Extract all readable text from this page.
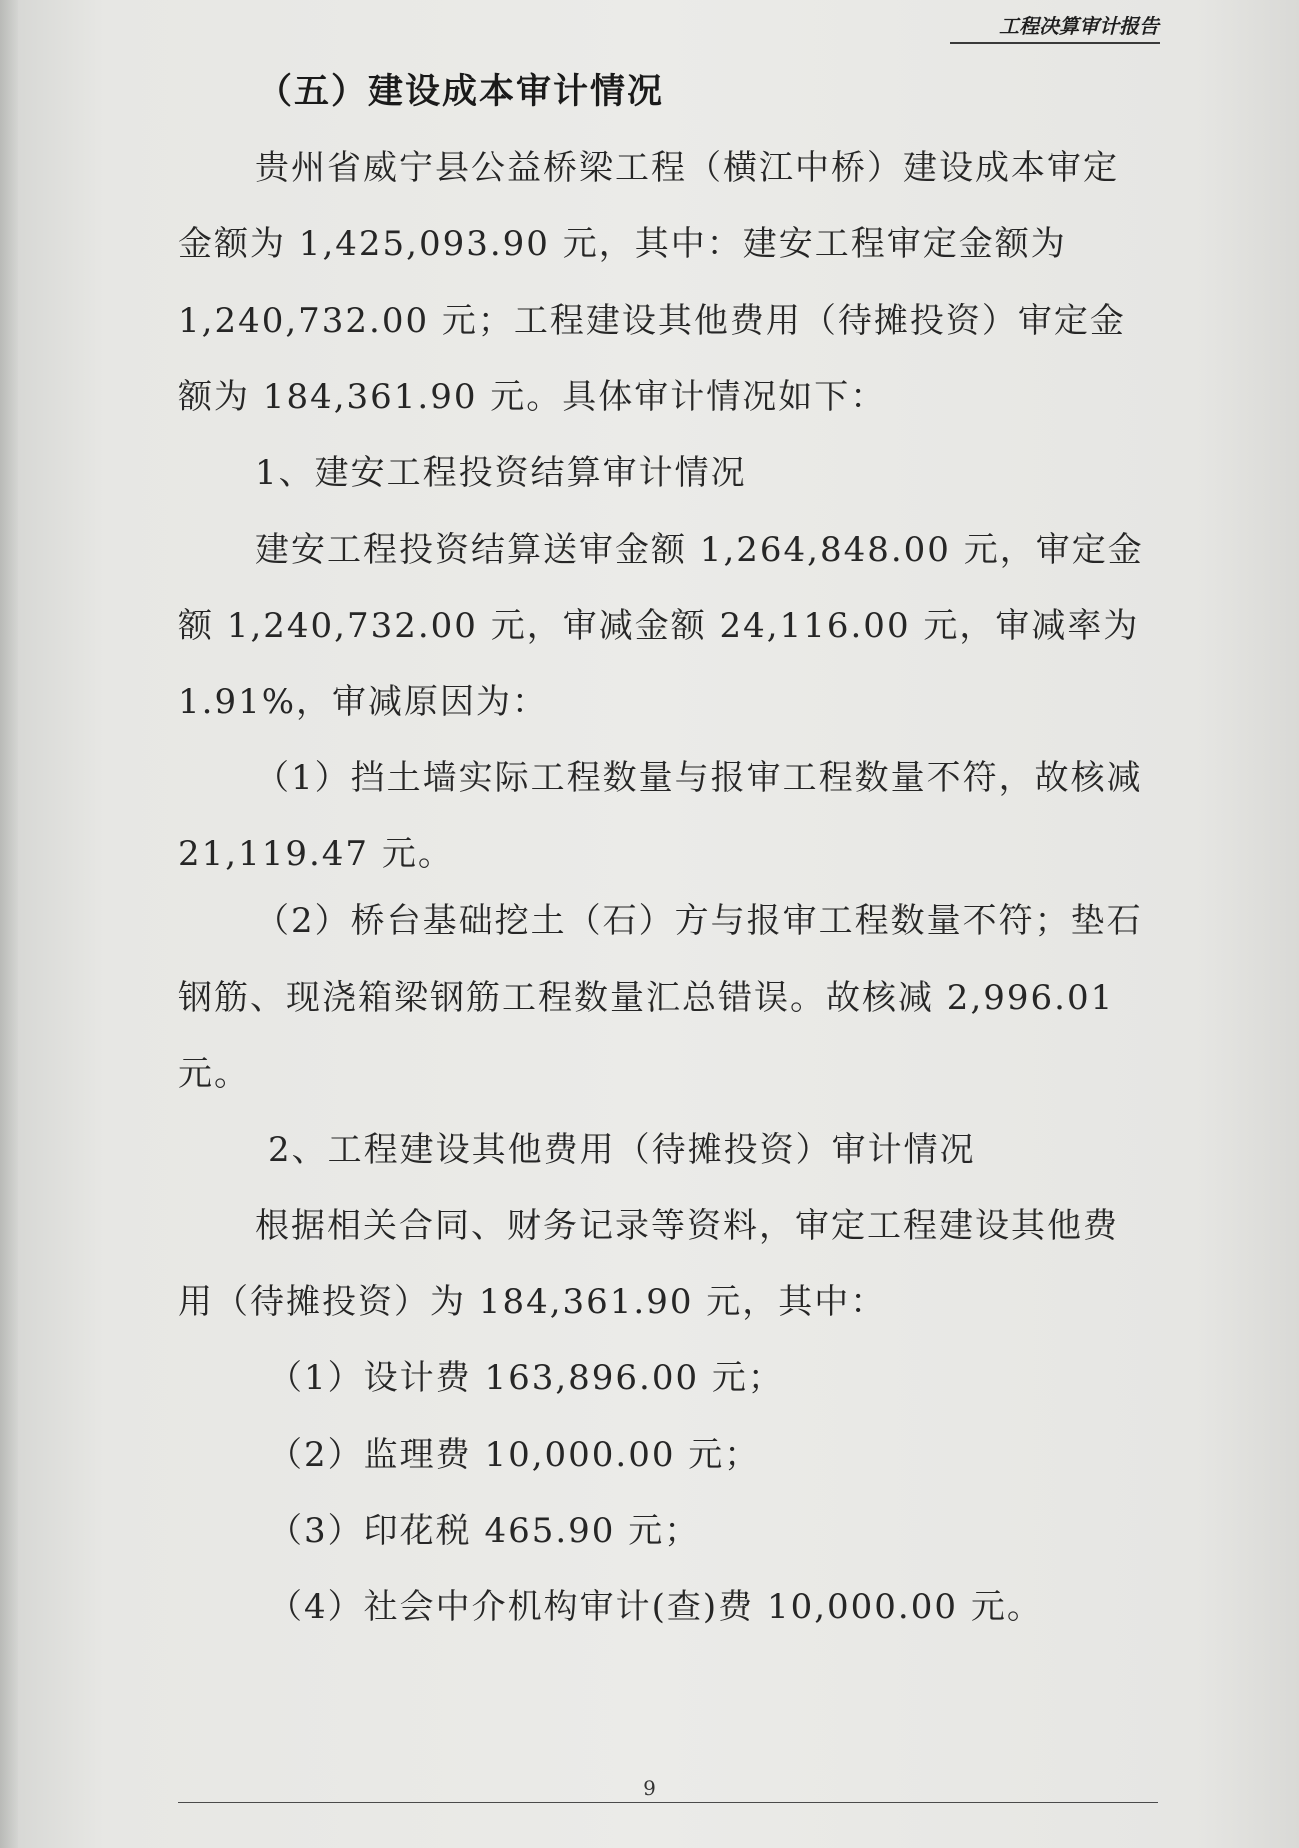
工程决算审计报告
（五）建设成本审计情况
贵州省威宁县公益桥梁工程（横江中桥）建设成本审定
金额为 1,425,093.90 元，其中：建安工程审定金额为
1,240,732.00 元；工程建设其他费用（待摊投资）审定金
额为 184,361.90 元。具体审计情况如下：
1、建安工程投资结算审计情况
建安工程投资结算送审金额 1,264,848.00 元，审定金
额 1,240,732.00 元，审减金额 24,116.00 元，审减率为
1.91%，审减原因为：
（1）挡土墙实际工程数量与报审工程数量不符，故核减
21,119.47 元。
（2）桥台基础挖土（石）方与报审工程数量不符；垫石
钢筋、现浇箱梁钢筋工程数量汇总错误。故核减 2,996.01
元。
2、工程建设其他费用（待摊投资）审计情况
根据相关合同、财务记录等资料，审定工程建设其他费
用（待摊投资）为 184,361.90 元，其中：
（1）设计费 163,896.00 元；
（2）监理费 10,000.00 元；
（3）印花税 465.90 元；
（4）社会中介机构审计(查)费 10,000.00 元。
9
